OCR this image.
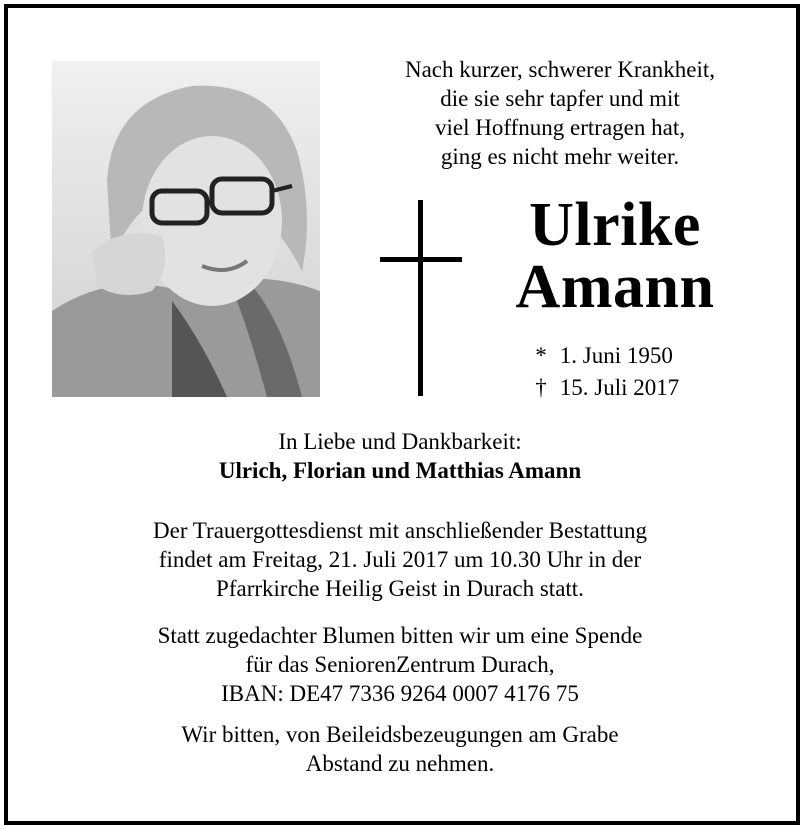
Nach kurzer, schwerer Krankheit,
die sie sehr tapfer und mit
viel Hoffnung ertragen hat,
ging es nicht mehr weiter.
Ulrike
Amann
* 1. Juni 1950
† 15. Juli 2017
In Liebe und Dankbarkeit:
Ulrich, Florian und Matthias Amann
Der Trauergottesdienst mit anschließender Bestattung
findet am Freitag, 21. Juli 2017 um 10.30 Uhr in der
Pfarrkirche Heilig Geist in Durach statt.
Statt zugedachter Blumen bitten wir um eine Spende
für das SeniorenZentrum Durach,
IBAN: DE47 7336 9264 0007 4176 75
Wir bitten, von Beileidsbezeugungen am Grabe
Abstand zu nehmen.
